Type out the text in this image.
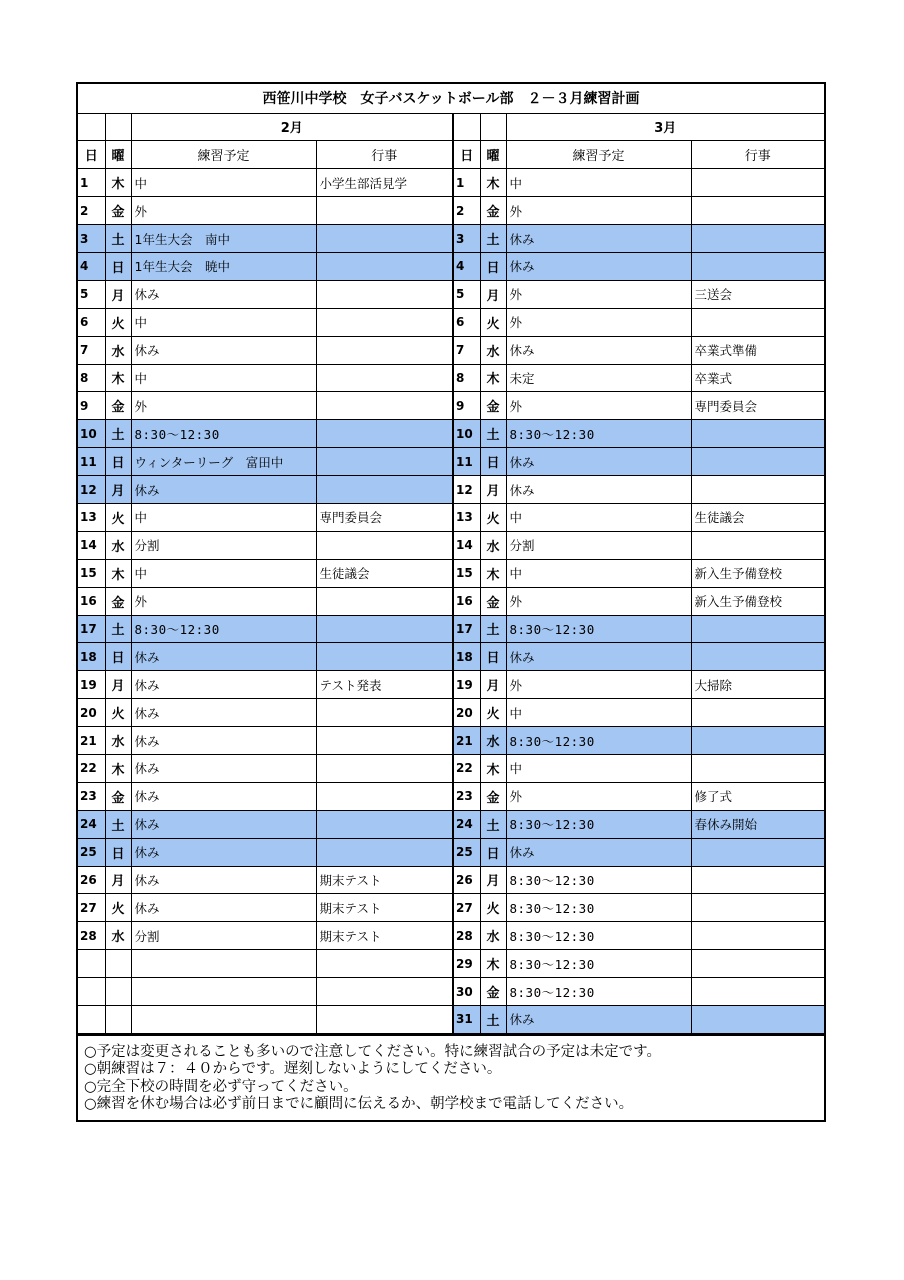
西笹川中学校　女子バスケットボール部　２－３月練習計画							
		2月				3月	
日	曜	練習予定	行事	日	曜	練習予定	行事
1	木	中	小学生部活見学	1	木	中	
2	金	外		2	金	外	
3	土	1年生大会　南中		3	土	休み	
4	日	1年生大会　暁中		4	日	休み	
5	月	休み		5	月	外	三送会
6	火	中		6	火	外	
7	水	休み		7	水	休み	卒業式準備
8	木	中		8	木	未定	卒業式
9	金	外		9	金	外	専門委員会
10	土	8:30～12:30		10	土	8:30～12:30	
11	日	ウィンターリーグ　富田中		11	日	休み	
12	月	休み		12	月	休み	
13	火	中	専門委員会	13	火	中	生徒議会
14	水	分割		14	水	分割	
15	木	中	生徒議会	15	木	中	新入生予備登校
16	金	外		16	金	外	新入生予備登校
17	土	8:30～12:30		17	土	8:30～12:30	
18	日	休み		18	日	休み	
19	月	休み	テスト発表	19	月	外	大掃除
20	火	休み		20	火	中	
21	水	休み		21	水	8:30～12:30	
22	木	休み		22	木	中	
23	金	休み		23	金	外	修了式
24	土	休み		24	土	8:30～12:30	春休み開始
25	日	休み		25	日	休み	
26	月	休み	期末テスト	26	月	8:30～12:30	
27	火	休み	期末テスト	27	火	8:30～12:30	
28	水	分割	期末テスト	28	水	8:30～12:30	
				29	木	8:30～12:30	
				30	金	8:30～12:30	
				31	土	休み	
○予定は変更されることも多いので注意してください。特に練習試合の予定は未定です。
○朝練習は７：４０からです。遅刻しないようにしてください。
○完全下校の時間を必ず守ってください。
○練習を休む場合は必ず前日までに顧問に伝えるか、朝学校まで電話してください。
